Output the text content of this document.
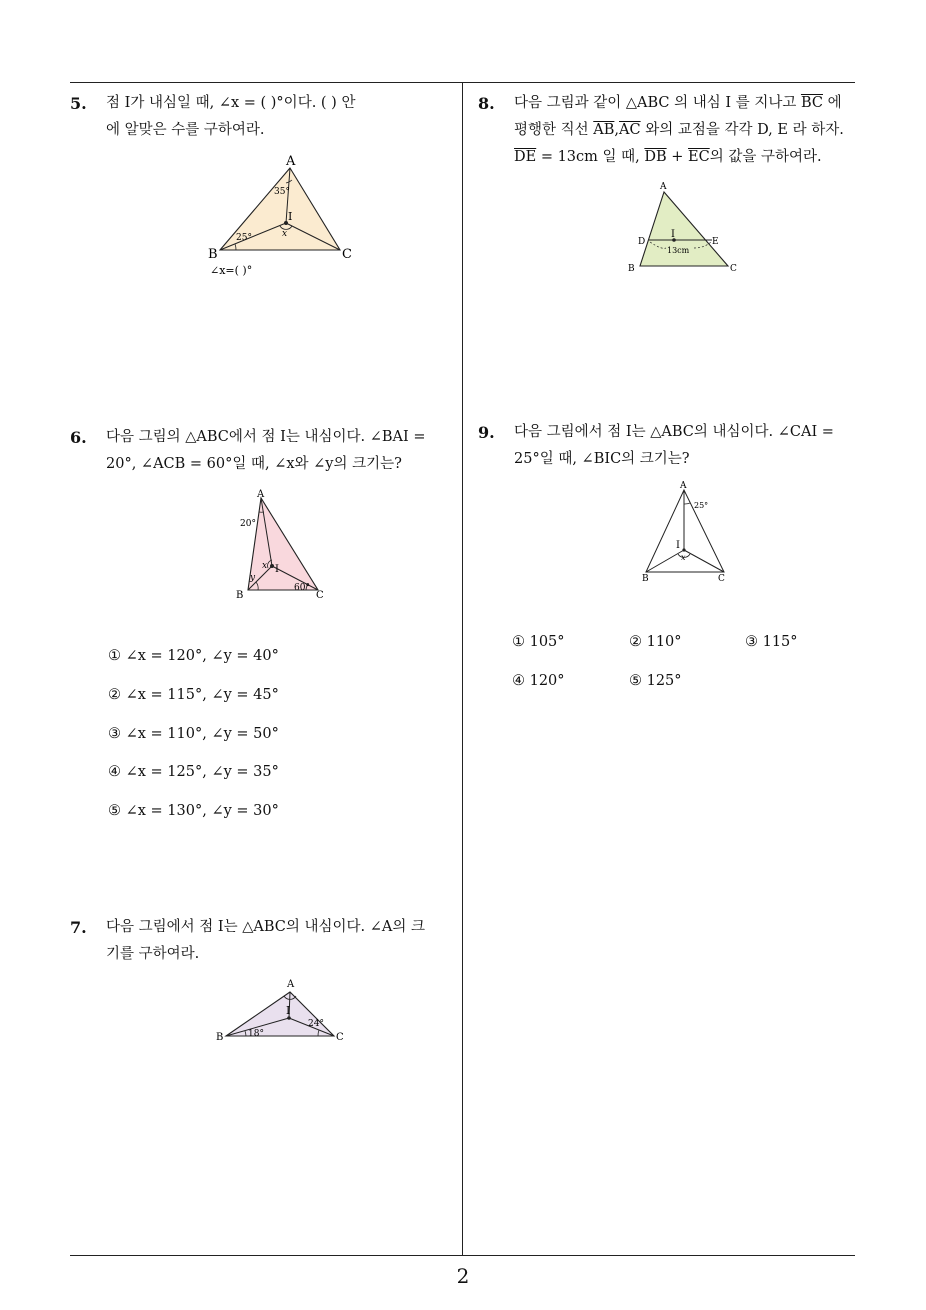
5. 점 I가 내심일 때, ∠x = ( )°이다. ( ) 안
에 알맞은 수를 구하여라.
A
B	C
I
35°
25°	x
∠x=( )°
6. 다음 그림의 △ABC에서 점 I는 내심이다. ∠BAI =
20°, ∠ACB = 60°일 때, ∠x와 ∠y의 크기는?
A
B	C
I
20°
60°
x
y
① ∠x = 120°, ∠y = 40°
② ∠x = 115°, ∠y = 45°
③ ∠x = 110°, ∠y = 50°
④ ∠x = 125°, ∠y = 35°
⑤ ∠x = 130°, ∠y = 30°
7. 다음 그림에서 점 I는 △ABC의 내심이다. ∠A의 크
기를 구하여라.
A
B	C
I
18°
24°
8. 다음 그림과 같이 △ABC 의 내심 I 를 지나고 $\overline{BC}$ 에
평행한 직선 $\overline{AB},\overline{AC}$ 와의 교점을 각각 D, E 라 하자.
$\overline{DE} = 13cm$ 일 때, $\overline{DB} + \overline{EC}$의 값을 구하여라.
A
B	C
D	E
I
13cm
9. 다음 그림에서 점 I는 △ABC의 내심이다. ∠CAI =
25°일 때, ∠BIC의 크기는?
A
B	C
I
25°
x
① 105°	② 110°	③ 115°
④ 120°	⑤ 125°
2
